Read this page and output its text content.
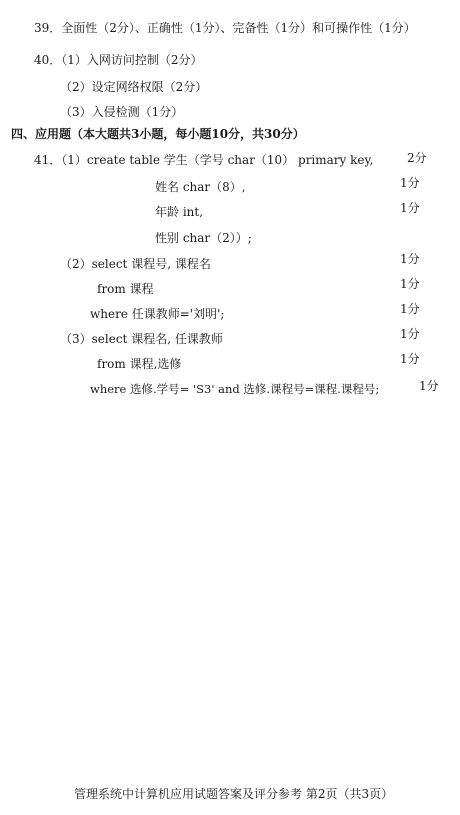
39．全面性（2分）、正确性（1分）、完备性（1分）和可操作性（1分）
40．（1）入网访问控制（2分）
（2）设定网络权限（2分）
（3）入侵检测（1分）
四、应用题（本大题共3小题，每小题10分，共30分）
41．（1）create table 学生（学号 char（10） primary key,	2分
姓名 char（8）,	1分
年龄 int,	1分
性别 char（2））;
（2）select 课程号, 课程名	1分
from 课程	1分
where 任课教师='刘明';	1分
（3）select 课程名, 任课教师	1分
from 课程,选修	1分
where 选修.学号= 'S3' and 选修.课程号=课程.课程号;	1分
管理系统中计算机应用试题答案及评分参考 第2页（共3页）
